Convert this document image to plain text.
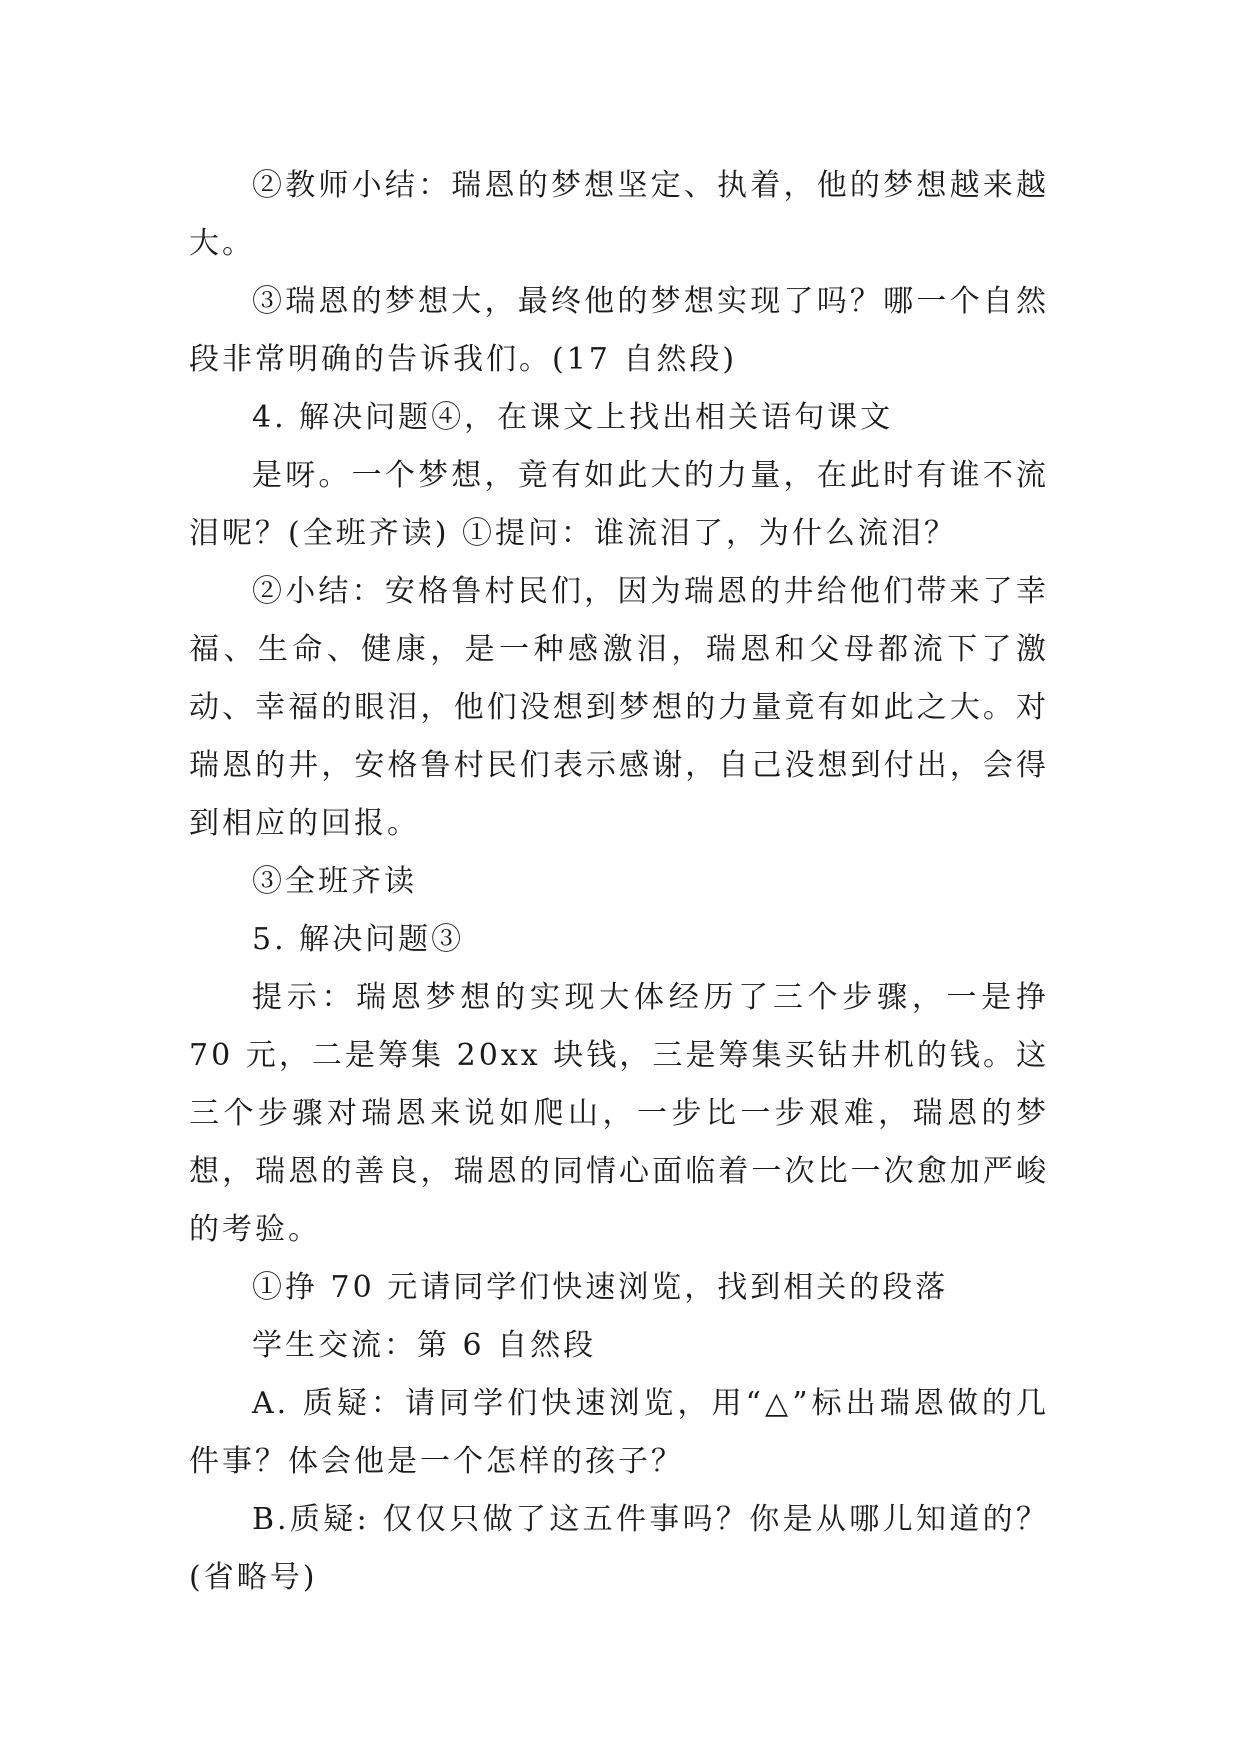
②教师小结：瑞恩的梦想坚定、执着，他的梦想越来越大。

③瑞恩的梦想大，最终他的梦想实现了吗？哪一个自然段非常明确的告诉我们。(17 自然段)

4. 解决问题④，在课文上找出相关语句课文

是呀。一个梦想，竟有如此大的力量，在此时有谁不流泪呢？(全班齐读) ①提问：谁流泪了，为什么流泪？

②小结：安格鲁村民们，因为瑞恩的井给他们带来了幸福、生命、健康，是一种感激泪，瑞恩和父母都流下了激动、幸福的眼泪，他们没想到梦想的力量竟有如此之大。对瑞恩的井，安格鲁村民们表示感谢，自己没想到付出，会得到相应的回报。

③全班齐读

5. 解决问题③

提示：瑞恩梦想的实现大体经历了三个步骤，一是挣 70 元，二是筹集 20xx 块钱，三是筹集买钻井机的钱。这三个步骤对瑞恩来说如爬山，一步比一步艰难，瑞恩的梦想，瑞恩的善良，瑞恩的同情心面临着一次比一次愈加严峻的考验。

①挣 70 元请同学们快速浏览，找到相关的段落

学生交流：第 6 自然段

A. 质疑：请同学们快速浏览，用“△”标出瑞恩做的几件事？体会他是一个怎样的孩子？

B.质疑: 仅仅只做了这五件事吗？你是从哪儿知道的？(省略号)
